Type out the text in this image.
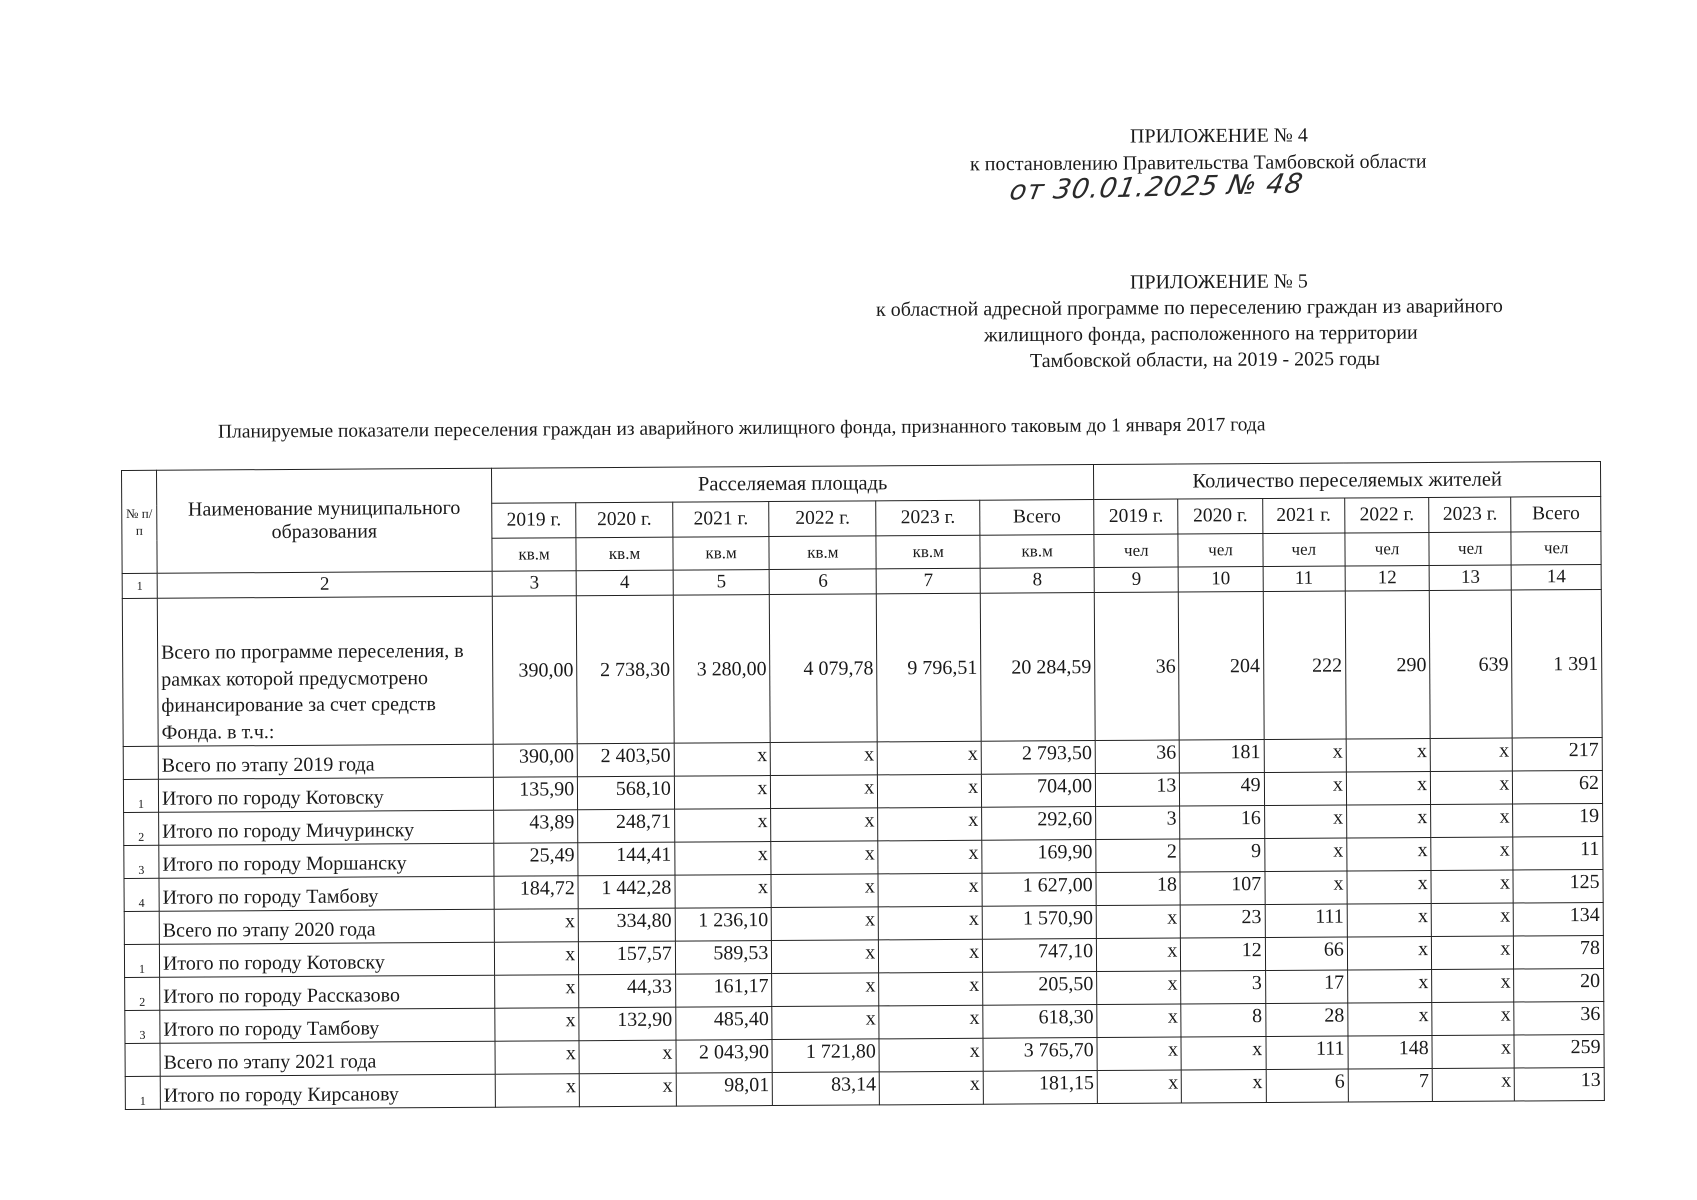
ПРИЛОЖЕНИЕ № 4
к постановлению Правительства Тамбовской области
от 30.01.2025 № 48
ПРИЛОЖЕНИЕ № 5
к областной адресной программе по переселению граждан из аварийного
жилищного фонда, расположенного на территории
Тамбовской области, на 2019 - 2025 годы
Планируемые показатели переселения граждан из аварийного жилищного фонда, признанного таковым до 1 января 2017 года
№ п/п	Наименование муниципального образования	Расселяемая площадь						Количество переселяемых жителей					
		2019 г.	2020 г.	2021 г.	2022 г.	2023 г.	Всего	2019 г.	2020 г.	2021 г.	2022 г.	2023 г.	Всего
		кв.м	кв.м	кв.м	кв.м	кв.м	кв.м	чел	чел	чел	чел	чел	чел
1	2	3	4	5	6	7	8	9	10	11	12	13	14
	Всего по программе переселения, в рамках которой предусмотрено финансирование за счет средств Фонда. в т.ч.:	390,00	2 738,30	3 280,00	4 079,78	9 796,51	20 284,59	36	204	222	290	639	1 391
	Всего по этапу 2019 года	390,00	2 403,50	x	x	x	2 793,50	36	181	x	x	x	217
1	Итого по городу Котовску	135,90	568,10	x	x	x	704,00	13	49	x	x	x	62
2	Итого по городу Мичуринску	43,89	248,71	x	x	x	292,60	3	16	x	x	x	19
3	Итого по городу Моршанску	25,49	144,41	x	x	x	169,90	2	9	x	x	x	11
4	Итого по городу Тамбову	184,72	1 442,28	x	x	x	1 627,00	18	107	x	x	x	125
	Всего по этапу 2020 года	x	334,80	1 236,10	x	x	1 570,90	x	23	111	x	x	134
1	Итого по городу Котовску	x	157,57	589,53	x	x	747,10	x	12	66	x	x	78
2	Итого по городу Рассказово	x	44,33	161,17	x	x	205,50	x	3	17	x	x	20
3	Итого по городу Тамбову	x	132,90	485,40	x	x	618,30	x	8	28	x	x	36
	Всего по этапу 2021 года	x	x	2 043,90	1 721,80	x	3 765,70	x	x	111	148	x	259
1	Итого по городу Кирсанову	x	x	98,01	83,14	x	181,15	x	x	6	7	x	13
